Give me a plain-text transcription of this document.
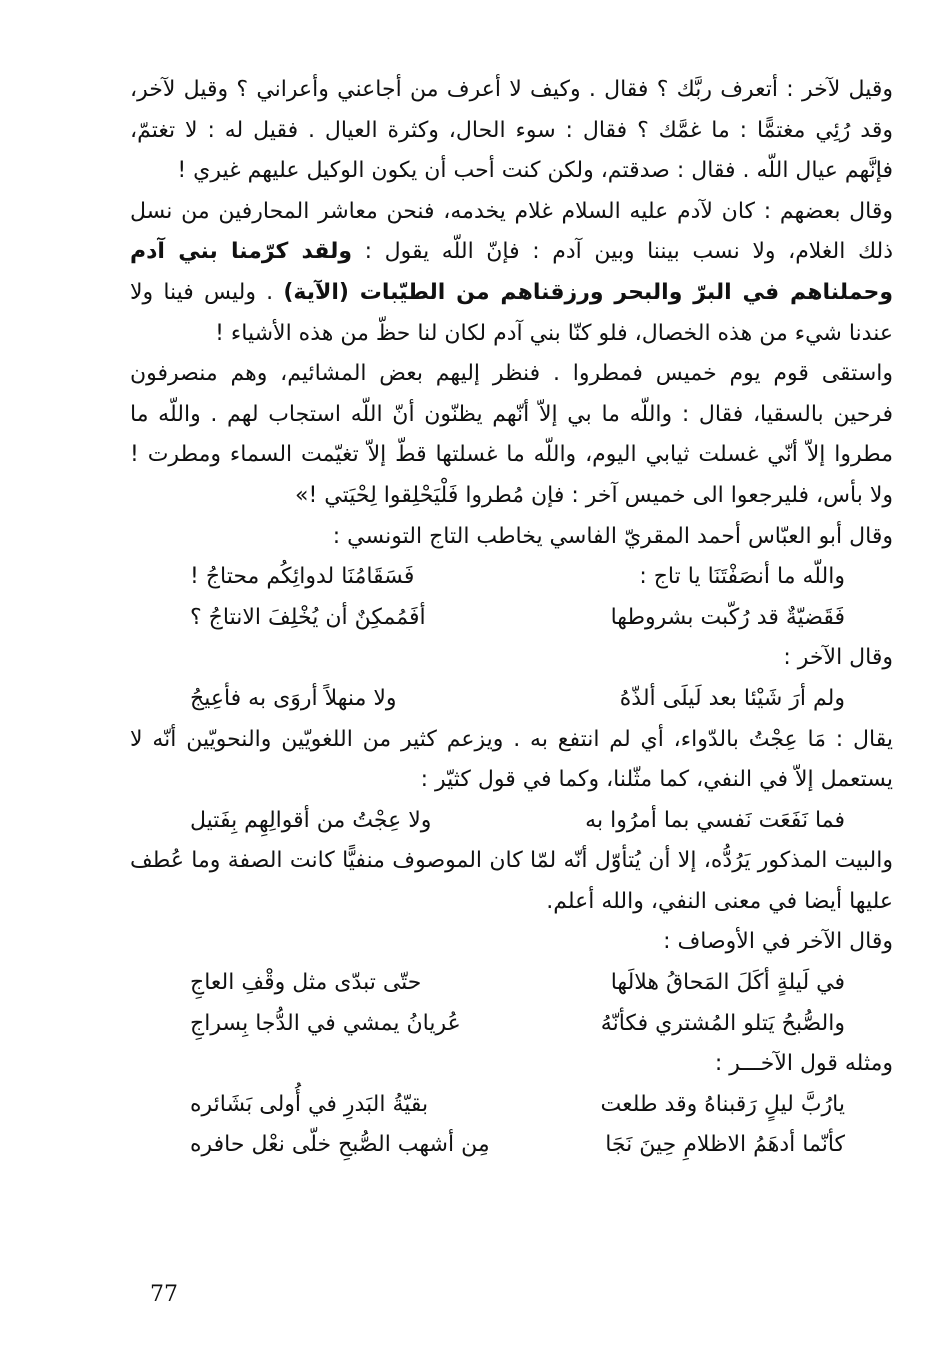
وقيل لآخر : أتعرف ربَّك ؟ فقال . وكيف لا أعرف من أجاعني وأعراني ؟ وقيل لآخر، وقد رُئِي مغتمًّا : ما غمَّك ؟ فقال : سوء الحال، وكثرة العيال . فقيل له : لا تغتمّ، فإنَّهم عيال اللّه . فقال : صدقتم، ولكن كنت أحب أن يكون الوكيل عليهم غيري !

وقال بعضهم : كان لآدم عليه السلام غلام يخدمه، فنحن معاشر المحارفين من نسل ذلك الغلام، ولا نسب بيننا وبين آدم : فإنّ اللّه يقول : ولقد كرّمنا بني آدم وحملناهم في البرّ والبحر ورزقناهم من الطيّبات (الآية) . وليس فينا ولا عندنا شيء من هذه الخصال، فلو كنّا بني آدم لكان لنا حظّ من هذه الأشياء !

واستقى قوم يوم خميس فمطروا . فنظر إليهم بعض المشائيم، وهم منصرفون فرحين بالسقيا، فقال : واللّه ما بي إلاّ أنّهم يظنّون أنّ اللّه استجاب لهم . واللّه ما مطروا إلاّ أنّي غسلت ثيابي اليوم، واللّه ما غسلتها قطّ إلاّ تغيّمت السماء ومطرت ! ولا بأس، فليرجعوا الى خميس آخر : فإن مُطروا فَلْيَحْلِقوا لِحْيَتي !»

وقال أبو العبّاس أحمد المقريّ الفاسي يخاطب التاج التونسي :

واللّه ما أنصَفْتَنَا يا تاج :
فَسَقَامُنَا لدوائِكُم محتاجُ !
فَقَضيّةٌ قد رُكّبت بشروطها
أفَمُمكِنٌ أن يُخْلِفَ الانتاجُ ؟

وقال الآخر :

ولم أرَ شَيْئا بعد لَيلَى ألذّهُ
ولا منهلاً أروَى به فأعِيجُ

يقال : مَا عِجْتُ بالدّواء، أي لم انتفع به . ويزعم كثير من اللغويّين والنحويّين أنّه لا يستعمل إلاّ في النفي، كما مثّلنا، وكما في قول كثيّر :

فما نَفَعَت نَفسي بما أمرُوا به
ولا عِجْتُ من أقوالِهِم بِفَتيل

والبيت المذكور يَرُدُّه، إلا أن يُتأوّل أنّه لمّا كان الموصوف منفيًّا كانت الصفة وما عُطف عليها أيضا في معنى النفي، والله أعلم.

وقال الآخر في الأوصاف :

في لَيلةٍ أكَلَ المَحاقُ هلالَها
حتّى تبدّى مثل وقْفِ العاجِ
والصُّبحُ يَتلو المُشتري فكأنّهُ
عُريانُ يمشي في الدُّجا بِسراجِ

ومثله قول الآخـــر :

يارُبَّ ليلٍ رَقبناهُ وقد طلعت
بقيّةُ البَدرِ في أُولى بَشَائره
كأنّما أدهَمُ الاظلامِ حِينَ نَجَا
مِن أشهب الصُّبحِ خلّى نعْل حافره
77
